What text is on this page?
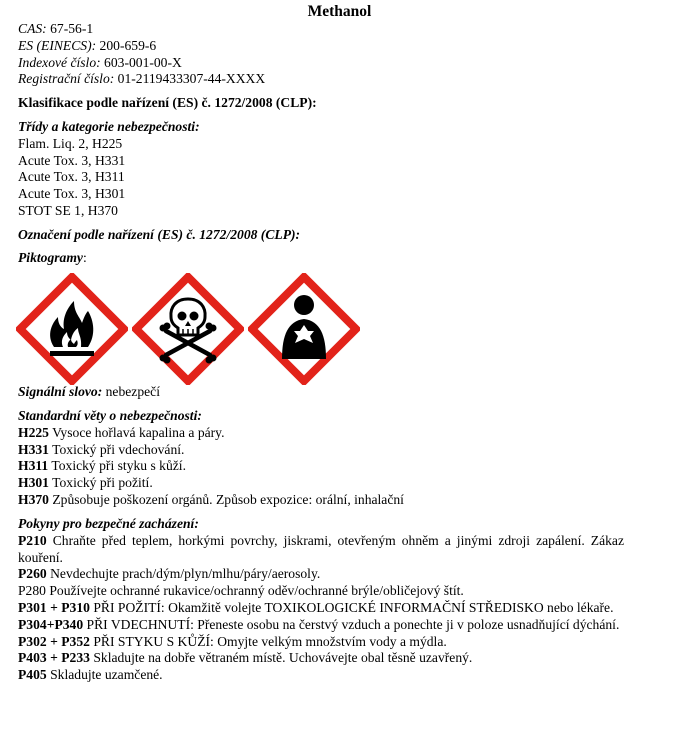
Methanol
CAS: 67-56-1
ES (EINECS): 200-659-6
Indexové číslo: 603-001-00-X
Registrační číslo: 01-2119433307-44-XXXX
Klasifikace podle nařízení (ES) č. 1272/2008 (CLP):
Třídy a kategorie nebezpečnosti:
Flam. Liq. 2, H225
Acute Tox. 3, H331
Acute Tox. 3, H311
Acute Tox. 3, H301
STOT SE 1, H370
Označení podle nařízení (ES) č. 1272/2008 (CLP):
Piktogramy:
Signální slovo: nebezpečí
Standardní věty o nebezpečnosti:
H225 Vysoce hořlavá kapalina a páry.
H331 Toxický při vdechování.
H311 Toxický při styku s kůží.
H301 Toxický při požití.
H370 Způsobuje poškození orgánů. Způsob expozice: orální, inhalační
Pokyny pro bezpečné zacházení:
P210 Chraňte před teplem, horkými povrchy, jiskrami, otevřeným ohněm a jinými zdroji zapálení. Zákaz kouření.
P260 Nevdechujte prach/dým/plyn/mlhu/páry/aerosoly.
P280 Používejte ochranné rukavice/ochranný oděv/ochranné brýle/obličejový štít.
P301 + P310 PŘI POŽITÍ: Okamžitě volejte TOXIKOLOGICKÉ INFORMAČNÍ STŘEDISKO nebo lékaře.
P304+P340 PŘI VDECHNUTÍ: Přeneste osobu na čerstvý vzduch a ponechte ji v poloze usnadňující dýchání.
P302 + P352 PŘI STYKU S KŮŽÍ: Omyjte velkým množstvím vody a mýdla.
P403 + P233 Skladujte na dobře větraném místě. Uchovávejte obal těsně uzavřený.
P405 Skladujte uzamčené.
